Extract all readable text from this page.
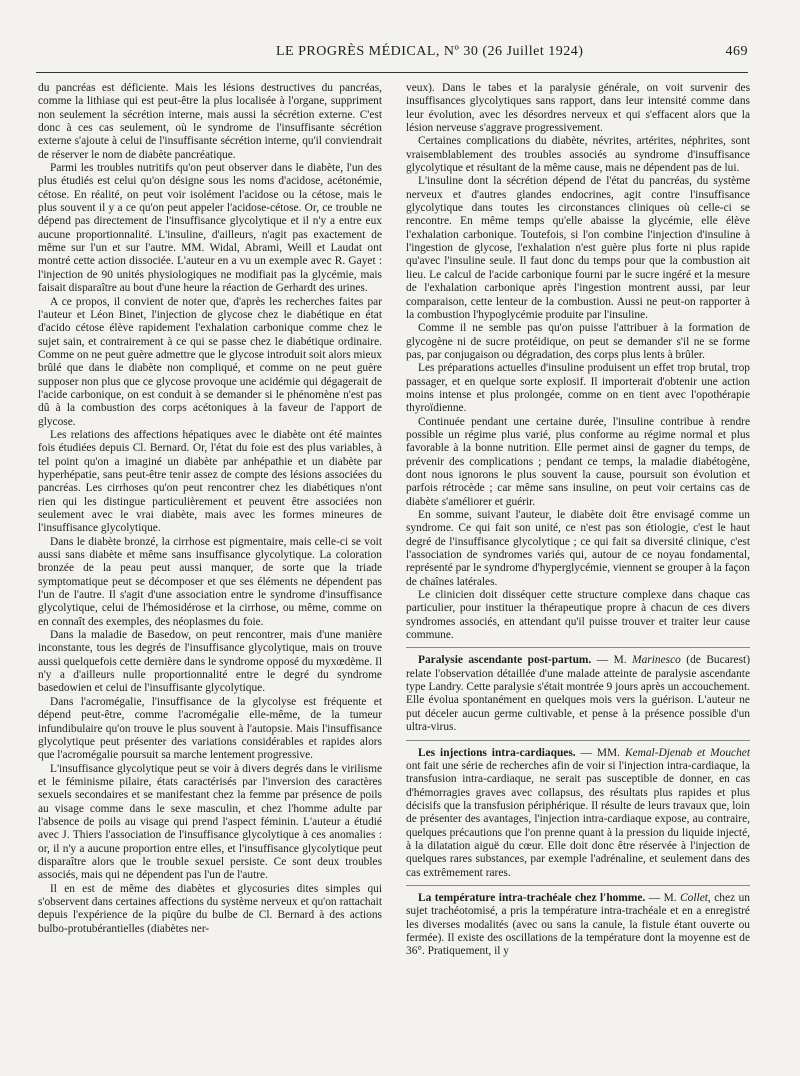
LE PROGRÈS MÉDICAL, Nº 30 (26 Juillet 1924)	469

du pancréas est déficiente. Mais les lésions destructives du pancréas, comme la lithiase qui est peut-être la plus localisée à l'organe, suppriment non seulement la sécrétion interne, mais aussi la sécrétion externe. C'est donc à ces cas seulement, où le syndrome de l'insuffisante sécrétion externe s'ajoute à celui de l'insuffisante sécrétion interne, qu'il conviendrait de réserver le nom de diabète pancréatique.

Parmi les troubles nutritifs qu'on peut observer dans le diabète, l'un des plus étudiés est celui qu'on désigne sous les noms d'acidose, acétonémie, cétose. En réalité, on peut voir isolément l'acidose ou la cétose, mais le plus souvent il y a ce qu'on peut appeler l'acidose-cétose. Or, ce trouble ne dépend pas directement de l'insuffisance glycolytique et il n'y a entre eux aucune proportionnalité. L'insuline, d'ailleurs, n'agit pas exactement de même sur l'un et sur l'autre. MM. Widal, Abrami, Weill et Laudat ont montré cette action dissociée. L'auteur en a vu un exemple avec R. Gayet : l'injection de 90 unités physiologiques ne modifiait pas la glycémie, mais faisait disparaître au bout d'une heure la réaction de Gerhardt des urines.

A ce propos, il convient de noter que, d'après les recherches faites par l'auteur et Léon Binet, l'injection de glycose chez le diabétique en état d'acido cétose élève rapidement l'exhalation carbonique comme chez le sujet sain, et contrairement à ce qui se passe chez le diabétique ordinaire. Comme on ne peut guère admettre que le glycose introduit soit alors mieux brûlé que dans le diabète non compliqué, et comme on ne peut guère supposer non plus que ce glycose provoque une acidémie qui dégagerait de l'acide carbonique, on est conduit à se demander si le phénomène n'est pas dû à la combustion des corps acétoniques à la faveur de l'apport de glycose.

Les relations des affections hépatiques avec le diabète ont été maintes fois étudiées depuis Cl. Bernard. Or, l'état du foie est des plus variables, à tel point qu'on a imaginé un diabète par anhépathie et un diabète par hyperhépatie, sans peut-être tenir assez de compte des lésions associées du pancréas. Les cirrhoses qu'on peut rencontrer chez les diabétiques n'ont rien qui les distingue particulièrement et peuvent être associées non seulement avec le vrai diabète, mais avec les formes mineures de l'insuffisance glycolytique.

Dans le diabète bronzé, la cirrhose est pigmentaire, mais celle-ci se voit aussi sans diabète et même sans insuffisance glycolytique. La coloration bronzée de la peau peut aussi manquer, de sorte que la triade symptomatique peut se décomposer et que ses éléments ne dépendent pas l'un de l'autre. Il s'agit d'une association entre le syndrome d'insuffisance glycolytique, celui de l'hémosidérose et la cirrhose, ou même, comme on en connaît des exemples, des néoplasmes du foie.

Dans la maladie de Basedow, on peut rencontrer, mais d'une manière inconstante, tous les degrés de l'insuffisance glycolytique, mais on trouve aussi quelquefois cette dernière dans le syndrome opposé du myxœdème. Il n'y a d'ailleurs nulle proportionnalité entre le degré du syndrome basedowien et celui de l'insuffisante glycolytique.

Dans l'acromégalie, l'insuffisance de la glycolyse est fréquente et dépend peut-être, comme l'acromégalie elle-même, de la tumeur infundibulaire qu'on trouve le plus souvent à l'autopsie. Mais l'insuffisance glycolytique peut présenter des variations considérables et rapides alors que l'acromégalie poursuit sa marche lentement progressive.

L'insuffisance glycolytique peut se voir à divers degrés dans le virilisme et le féminisme pilaire, états caractérisés par l'inversion des caractères sexuels secondaires et se manifestant chez la femme par présence de poils au visage comme dans le sexe masculin, et chez l'homme adulte par l'absence de poils au visage qui prend l'aspect féminin. L'auteur a étudié avec J. Thiers l'association de l'insuffisance glycolytique à ces anomalies : or, il n'y a aucune proportion entre elles, et l'insuffisance glycolytique peut disparaître alors que le trouble sexuel persiste. Ce sont deux troubles associés, mais qui ne dépendent pas l'un de l'autre.

Il en est de même des diabètes et glycosuries dites simples qui s'observent dans certaines affections du système nerveux et qu'on rattachait depuis l'expérience de la piqûre du bulbe de Cl. Bernard à des actions bulbo-protubérantielles (diabètes ner-

veux). Dans le tabes et la paralysie générale, on voit survenir des insuffisances glycolytiques sans rapport, dans leur intensité comme dans leur évolution, avec les désordres nerveux et qui s'effacent alors que la lésion nerveuse s'aggrave progressivement.

Certaines complications du diabète, névrites, artérites, néphrites, sont vraisemblablement des troubles associés au syndrome d'insuffisance glycolytique et résultant de la même cause, mais ne dépendent pas de lui.

L'insuline dont la sécrétion dépend de l'état du pancréas, du système nerveux et d'autres glandes endocrines, agit contre l'insuffisance glycolytique dans toutes les circonstances cliniques où celle-ci se rencontre. En même temps qu'elle abaisse la glycémie, elle élève l'exhalation carbonique. Toutefois, si l'on combine l'injection d'insuline à l'ingestion de glycose, l'exhalation n'est guère plus forte ni plus rapide qu'avec l'insuline seule. Il faut donc du temps pour que la combustion ait lieu. Le calcul de l'acide carbonique fourni par le sucre ingéré et la mesure de l'exhalation carbonique après l'ingestion montrent aussi, par leur comparaison, cette lenteur de la combustion. Aussi ne peut-on rapporter à la combustion l'hypoglycémie produite par l'insuline.

Comme il ne semble pas qu'on puisse l'attribuer à la formation de glycogène ni de sucre protéidique, on peut se demander s'il ne se forme pas, par conjugaison ou dégradation, des corps plus lents à brûler.

Les préparations actuelles d'insuline produisent un effet trop brutal, trop passager, et en quelque sorte explosif. Il importerait d'obtenir une action moins intense et plus prolongée, comme on en tient avec l'opothérapie thyroïdienne.

Continuée pendant une certaine durée, l'insuline contribue à rendre possible un régime plus varié, plus conforme au régime normal et plus favorable à la bonne nutrition. Elle permet ainsi de gagner du temps, de prévenir des complications ; pendant ce temps, la maladie diabétogène, dont nous ignorons le plus souvent la cause, poursuit son évolution et parfois rétrocède ; car même sans insuline, on peut voir certains cas de diabète s'améliorer et guérir.

En somme, suivant l'auteur, le diabète doit être envisagé comme un syndrome. Ce qui fait son unité, ce n'est pas son étiologie, c'est le haut degré de l'insuffisance glycolytique ; ce qui fait sa diversité clinique, c'est l'association de syndromes variés qui, autour de ce noyau fondamental, représenté par le syndrome d'hyperglycémie, viennent se grouper à la façon de chaînes latérales.

Le clinicien doit disséquer cette structure complexe dans chaque cas particulier, pour instituer la thérapeutique propre à chacun de ces divers syndromes associés, en attendant qu'il puisse trouver et traiter leur cause commune.

Paralysie ascendante post-partum. — M. Marinesco (de Bucarest) relate l'observation détaillée d'une malade atteinte de paralysie ascendante type Landry. Cette paralysie s'était montrée 9 jours après un accouchement. Elle évolua spontanément en quelques mois vers la guérison. L'auteur ne put déceler aucun germe cultivable, et pense à la présence possible d'un ultra-virus.

Les injections intra-cardiaques. — MM. Kemal-Djenab et Mouchet ont fait une série de recherches afin de voir si l'injection intra-cardiaque, la transfusion intra-cardiaque, ne serait pas susceptible de donner, en cas d'hémorragies graves avec collapsus, des résultats plus rapides et plus décisifs que la transfusion périphérique. Il résulte de leurs travaux que, loin de présenter des avantages, l'injection intra-cardiaque expose, au contraire, quelques précautions que l'on prenne quant à la pression du liquide injecté, à la dilatation aiguë du cœur. Elle doit donc être réservée à l'injection de quelques rares substances, par exemple l'adrénaline, et seulement dans des cas extrêmement rares.

La température intra-trachéale chez l'homme. — M. Collet, chez un sujet trachéotomisé, a pris la température intra-trachéale et en a enregistré les diverses modalités (avec ou sans la canule, la fistule étant ouverte ou fermée). Il existe des oscillations de la température dont la moyenne est de 36°. Pratiquement, il y
